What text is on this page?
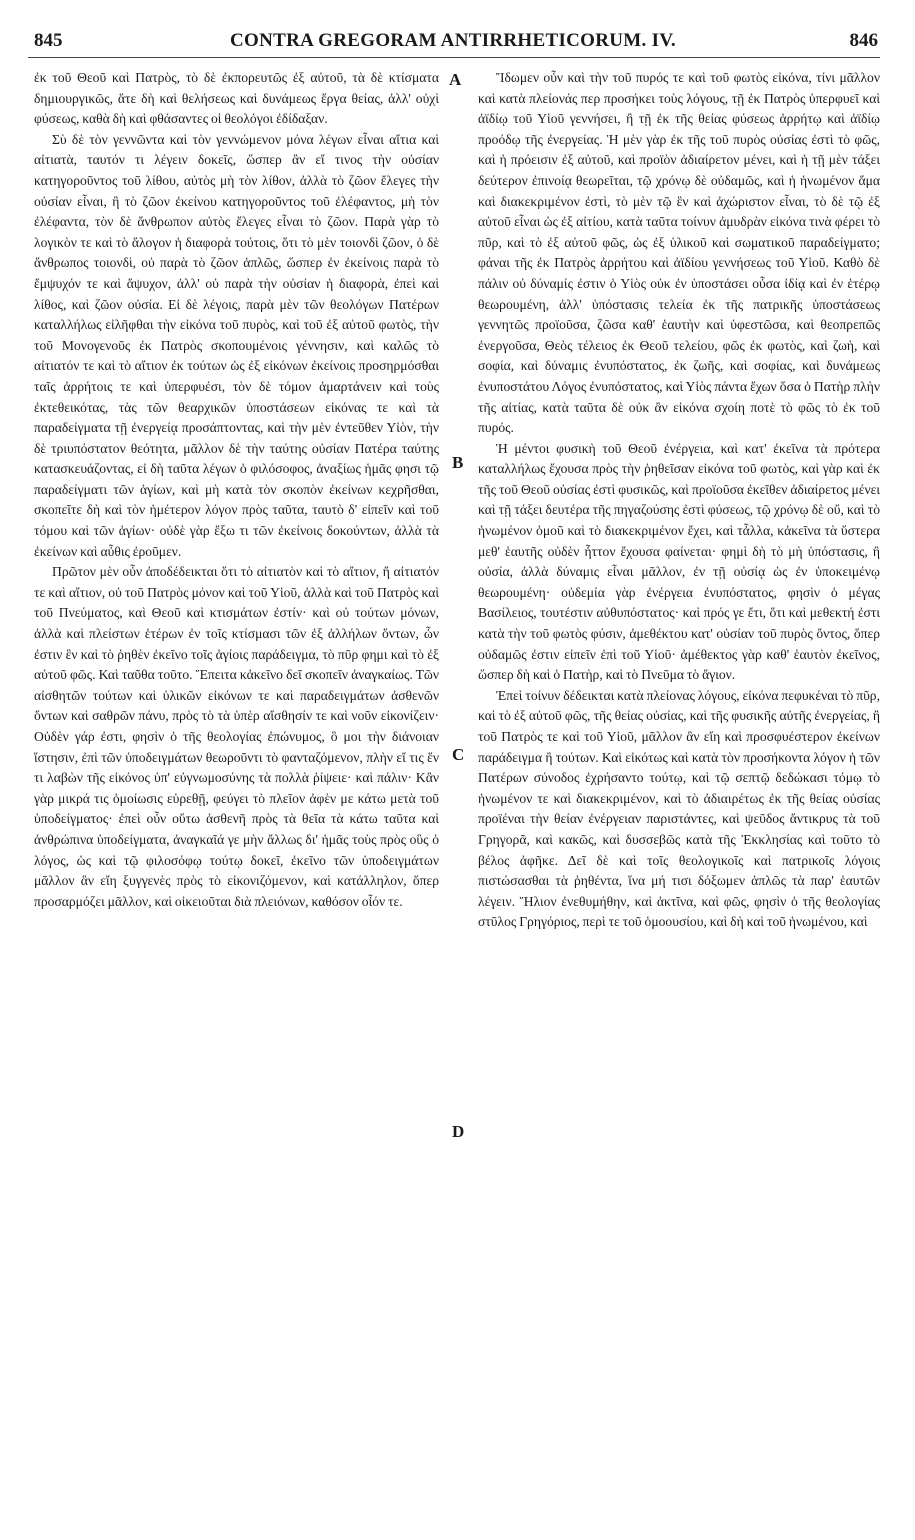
845	CONTRA GREGORAM ANTIRRHETICORUM. IV.	846

ἐκ τοῦ Θεοῦ καὶ Πατρὸς, τὸ δὲ ἐκπορευτῶς ἐξ αὐτοῦ, τὰ δὲ κτίσματα δημιουργικῶς, ἅτε δὴ καὶ θελήσεως καὶ δυνάμεως ἔργα θείας, ἀλλ' οὐχὶ φύσεως, καθὰ δὴ καὶ φθάσαντες οἱ θεολόγοι ἐδίδαξαν.

Σὺ δὲ τὸν γεννῶντα καὶ τὸν γεννώμενον μόνα λέγων εἶναι αἴτια καὶ αἰτιατὰ, ταυτόν τι λέγειν δοκεῖς, ὥσπερ ἂν εἴ τινος τὴν οὐσίαν κατηγοροῦντος τοῦ λίθου, αὐτὸς μὴ τὸν λίθον, ἀλλὰ τὸ ζῶον ἔλεγες τὴν οὐσίαν εἶναι, ἢ τὸ ζῶον ἐκείνου κατηγοροῦντος τοῦ ἐλέφαντος, μὴ τὸν ἐλέφαντα, τὸν δὲ ἄνθρωπον αὐτὸς ἔλεγες εἶναι τὸ ζῶον. Παρὰ γὰρ τὸ λογικὸν τε καὶ τὸ ἄλογον ἡ διαφορὰ τούτοις, ὅτι τὸ μὲν τοιονδὶ ζῶον, ὁ δὲ ἄνθρωπος τοιονδὶ, οὐ παρὰ τὸ ζῶον ἁπλῶς, ὥσπερ ἐν ἐκείνοις παρὰ τὸ ἔμψυχόν τε καὶ ἄψυχον, ἀλλ' οὐ παρὰ τὴν οὐσίαν ἡ διαφορὰ, ἐπεὶ καὶ λίθος, καὶ ζῶον οὐσία. Εἰ δὲ λέγοις, παρὰ μὲν τῶν θεολόγων Πατέρων καταλλήλως εἰλῆφθαι τὴν εἰκόνα τοῦ πυρὸς, καὶ τοῦ ἐξ αὐτοῦ φωτὸς, τὴν τοῦ Μονογενοῦς ἐκ Πατρὸς σκοπουμένοις γέννησιν, καὶ καλῶς τὸ αἰτιατόν τε καὶ τὸ αἴτιον ἐκ τούτων ὡς ἐξ εἰκόνων ἐκείνοις προσηρμόσθαι ταῖς ἀρρήτοις τε καὶ ὑπερφυέσι, τὸν δὲ τόμον ἁμαρτάνειν καὶ τοὺς ἐκτεθεικότας, τὰς τῶν θεαρχικῶν ὑποστάσεων εἰκόνας τε καὶ τὰ παραδείγματα τῇ ἐνεργείᾳ προσάπτοντας, καὶ τὴν μὲν ἐντεῦθεν Υἱὸν, τὴν δὲ τριυπόστατον θεότητα, μᾶλλον δὲ τὴν ταύτης οὐσίαν Πατέρα ταύτης κατασκευάζοντας, εἰ δὴ ταῦτα λέγων ὁ φιλόσοφος, ἀναξίως ἡμᾶς φησι τῷ παραδείγματι τῶν ἁγίων, καὶ μὴ κατὰ τὸν σκοπὸν ἐκείνων κεχρῆσθαι, σκοπεῖτε δὴ καὶ τὸν ἡμέτερον λόγον πρὸς ταῦτα, ταυτὸ δ' εἰπεῖν καὶ τοῦ τόμου καὶ τῶν ἁγίων· οὐδὲ γὰρ ἔξω τι τῶν ἐκείνοις δοκούντων, ἀλλὰ τὰ ἐκείνων καὶ αὖθις ἐροῦμεν.

Πρῶτον μὲν οὖν ἀποδέδεικται ὅτι τὸ αἰτιατὸν καὶ τὸ αἴτιον, ἤ αἰτιατόν τε καὶ αἴτιον, οὐ τοῦ Πατρὸς μόνον καὶ τοῦ Υἱοῦ, ἀλλὰ καὶ τοῦ Πατρὸς καὶ τοῦ Πνεύματος, καὶ Θεοῦ καὶ κτισμάτων ἐστίν· καὶ οὐ τούτων μόνων, ἀλλὰ καὶ πλείστων ἑτέρων ἐν τοῖς κτίσμασι τῶν ἐξ ἀλλήλων ὄντων, ὧν ἐστιν ἓν καὶ τὸ ῥηθὲν ἐκεῖνο τοῖς ἁγίοις παράδειγμα, τὸ πῦρ φημι καὶ τὸ ἐξ αὐτοῦ φῶς. Καὶ ταῦθα τοῦτο. Ἔπειτα κἀκεῖνο δεῖ σκοπεῖν ἀναγκαίως. Τῶν αἰσθητῶν τούτων καὶ ὑλικῶν εἰκόνων τε καὶ παραδειγμάτων ἀσθενῶν ὄντων καὶ σαθρῶν πάνυ, πρὸς τὸ τὰ ὑπὲρ αἴσθησίν τε καὶ νοῦν εἰκονίζειν· Οὐδὲν γάρ ἐστι, φησὶν ὁ τῆς θεολογίας ἐπώνυμος, ὃ μοι τὴν διάνοιαν ἵστησιν, ἐπὶ τῶν ὑποδειγμάτων θεωροῦντι τὸ φανταζόμενον, πλὴν εἴ τις ἕν τι λαβὼν τῆς εἰκόνος ὑπ' εὐγνωμοσύνης τὰ πολλὰ ῥίψειε· καὶ πάλιν· Κἂν γὰρ μικρά τις ὁμοίωσις εὑρεθῇ, φεύγει τὸ πλεῖον ἀφὲν με κάτω μετὰ τοῦ ὑποδείγματος· ἐπεὶ οὖν οὕτω ἀσθενῆ πρὸς τὰ θεῖα τὰ κάτω ταῦτα καὶ ἀνθρώπινα ὑποδείγματα, ἀναγκαῖά γε μὴν ἄλλως δι' ἡμᾶς τοὺς πρὸς οὓς ὁ λόγος, ὡς καὶ τῷ φιλοσόφῳ τούτῳ δοκεῖ, ἐκεῖνο τῶν ὑποδειγμάτων μᾶλλον ἂν εἴη ξυγγενὲς πρὸς τὸ εἰκονιζόμενον, καὶ κατάλληλον, ὅπερ προσαρμόζει μᾶλλον, καὶ οἰκειοῦται διὰ πλειόνων, καθόσον οἷόν τε.

Ἴδωμεν οὖν καὶ τὴν τοῦ πυρός τε καὶ τοῦ φωτὸς εἰκόνα, τίνι μᾶλλον καὶ κατὰ πλείονάς περ προσήκει τοὺς λόγους, τῇ ἐκ Πατρὸς ὑπερφυεῖ καὶ ἀϊδίῳ τοῦ Υἱοῦ γεννήσει, ἢ τῇ ἐκ τῆς θείας φύσεως ἀρρήτῳ καὶ ἀϊδίῳ προόδῳ τῆς ἐνεργείας. Ἡ μὲν γὰρ ἐκ τῆς τοῦ πυρὸς οὐσίας ἐστὶ τὸ φῶς, καὶ ἡ πρόεισιν ἐξ αὐτοῦ, καὶ προϊὸν ἀδιαίρετον μένει, καὶ ἡ τῇ μὲν τάξει δεύτερον ἐπινοίᾳ θεωρεῖται, τῷ χρόνῳ δὲ οὐδαμῶς, καὶ ἡ ἡνωμένον ἅμα καὶ διακεκριμένον ἐστὶ, τὸ μὲν τῷ ἓν καὶ ἀχώριστον εἶναι, τὸ δὲ τῷ ἐξ αὐτοῦ εἶναι ὡς ἐξ αἰτίου, κατὰ ταῦτα τοίνυν ἀμυδρὰν εἰκόνα τινὰ φέρει τὸ πῦρ, καὶ τὸ ἐξ αὐτοῦ φῶς, ὡς ἐξ ὑλικοῦ καὶ σωματικοῦ παραδείγματο; φάναι τῆς ἐκ Πατρὸς ἀρρήτου καὶ ἀϊδίου γεννήσεως τοῦ Υἱοῦ. Καθὸ δὲ πάλιν οὐ δύναμίς ἐστιν ὁ Υἱὸς οὐκ ἐν ὑποστάσει οὖσα ἰδίᾳ καὶ ἐν ἑτέρῳ θεωρουμένη, ἀλλ' ὑπόστασις τελεία ἐκ τῆς πατρικῆς ὑποστάσεως γεννητῶς προϊοῦσα, ζῶσα καθ' ἑαυτὴν καὶ ὑφεστῶσα, καὶ θεοπρεπῶς ἐνεργοῦσα, Θεὸς τέλειος ἐκ Θεοῦ τελείου, φῶς ἐκ φωτὸς, καὶ ζωὴ, καὶ σοφία, καὶ δύναμις ἐνυπόστατος, ἐκ ζωῆς, καὶ σοφίας, καὶ δυνάμεως ἐνυποστάτου Λόγος ἐνυπόστατος, καὶ Υἱὸς πάντα ἔχων ὅσα ὁ Πατὴρ πλὴν τῆς αἰτίας, κατὰ ταῦτα δὲ οὐκ ἂν εἰκόνα σχοίη ποτὲ τὸ φῶς τὸ ἐκ τοῦ πυρός.

Ἡ μέντοι φυσικὴ τοῦ Θεοῦ ἐνέργεια, καὶ κατ' ἐκεῖνα τὰ πρότερα καταλλήλως ἔχουσα πρὸς τὴν ῥηθεῖσαν εἰκόνα τοῦ φωτὸς, καὶ γὰρ καὶ ἐκ τῆς τοῦ Θεοῦ οὐσίας ἐστὶ φυσικῶς, καὶ προϊοῦσα ἐκεῖθεν ἀδιαίρετος μένει καὶ τῇ τάξει δευτέρα τῆς πηγαζούσης ἐστὶ φύσεως, τῷ χρόνῳ δὲ οὔ, καὶ τὸ ἡνωμένον ὁμοῦ καὶ τὸ διακεκριμένον ἔχει, καὶ τἆλλα, κἀκεῖνα τὰ ὕστερα μεθ' ἑαυτῆς οὐδὲν ἧττον ἔχουσα φαίνεται· φημὶ δὴ τὸ μὴ ὑπόστασις, ἢ οὐσία, ἀλλὰ δύναμις εἶναι μᾶλλον, ἐν τῇ οὐσίᾳ ὡς ἐν ὑποκειμένῳ θεωρουμένη· οὐδεμία γὰρ ἐνέργεια ἐνυπόστατος, φησὶν ὁ μέγας Βασίλειος, τουτέστιν αὐθυπόστατος· καὶ πρός γε ἔτι, ὅτι καὶ μεθεκτή ἐστι κατὰ τὴν τοῦ φωτὸς φύσιν, ἀμεθέκτου κατ' οὐσίαν τοῦ πυρὸς ὄντος, ὅπερ οὐδαμῶς ἐστιν εἰπεῖν ἐπὶ τοῦ Υἱοῦ· ἀμέθεκτος γὰρ καθ' ἑαυτὸν ἐκεῖνος, ὥσπερ δὴ καὶ ὁ Πατὴρ, καὶ τὸ Πνεῦμα τὸ ἅγιον.

Ἐπεὶ τοίνυν δέδεικται κατὰ πλείονας λόγους, εἰκόνα πεφυκέναι τὸ πῦρ, καὶ τὸ ἐξ αὐτοῦ φῶς, τῆς θείας οὐσίας, καὶ τῆς φυσικῆς αὐτῆς ἐνεργείας, ἢ τοῦ Πατρὸς τε καὶ τοῦ Υἱοῦ, μᾶλλον ἂν εἴη καὶ προσφυέστερον ἐκείνων παράδειγμα ἢ τούτων. Καὶ εἰκότως καὶ κατὰ τὸν προσήκοντα λόγον ἡ τῶν Πατέρων σύνοδος ἐχρήσαντο τούτῳ, καὶ τῷ σεπτῷ δεδώκασι τόμῳ τὸ ἡνωμένον τε καὶ διακεκριμένον, καὶ τὸ ἀδιαιρέτως ἐκ τῆς θείας οὐσίας προϊέναι τὴν θείαν ἐνέργειαν παριστάντες, καὶ ψεῦδος ἄντικρυς τὰ τοῦ Γρηγορᾶ, καὶ κακῶς, καὶ δυσσεβῶς κατὰ τῆς Ἐκκλησίας καὶ τοῦτο τὸ βέλος ἀφῆκε. Δεῖ δὲ καὶ τοῖς θεολογικοῖς καὶ πατρικοῖς λόγοις πιστώσασθαι τὰ ῥηθέντα, ἵνα μή τισι δόξωμεν ἁπλῶς τὰ παρ' ἑαυτῶν λέγειν. Ἥλιον ἐνεθυμήθην, καὶ ἀκτῖνα, καὶ φῶς, φησὶν ὁ τῆς θεολογίας στῦλος Γρηγόριος, περὶ τε τοῦ ὁμοουσίου, καὶ δὴ καὶ τοῦ ἡνωμένου, καὶ

A
B
C
D
